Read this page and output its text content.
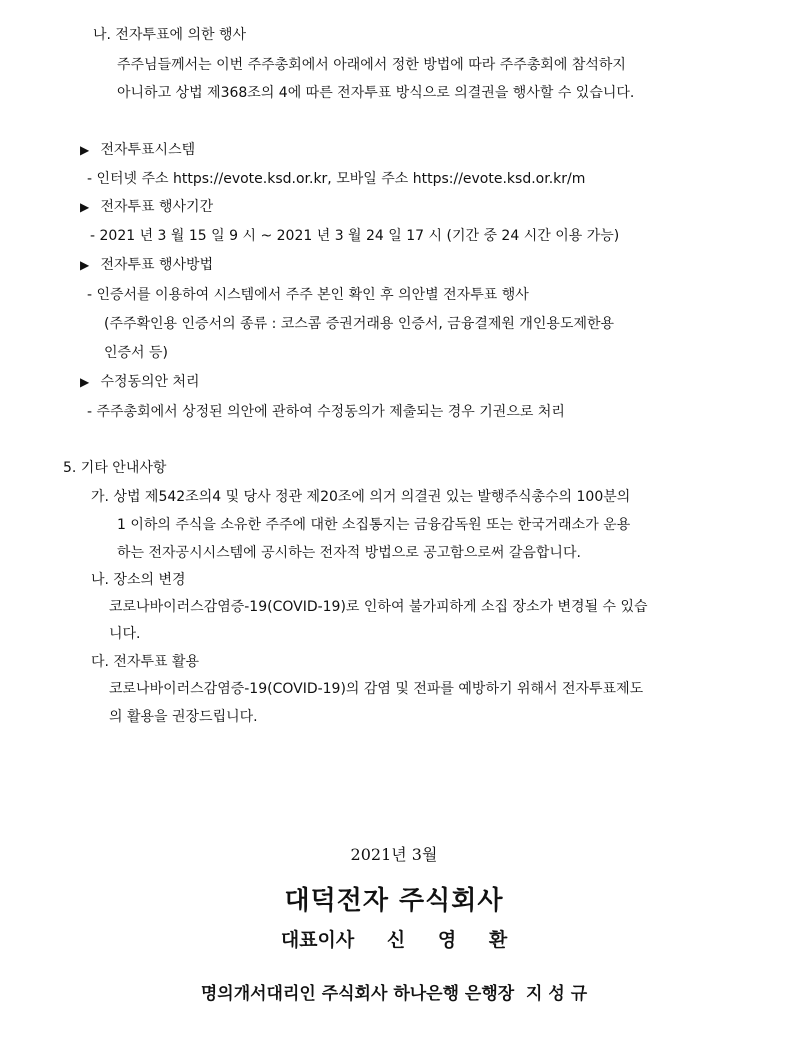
나. 전자투표에 의한 행사
주주님들께서는 이번 주주총회에서 아래에서 정한 방법에 따라 주주총회에 참석하지
아니하고 상법 제368조의 4에 따른 전자투표 방식으로 의결권을 행사할 수 있습니다.
▶ 전자투표시스템
- 인터넷 주소 https://evote.ksd.or.kr, 모바일 주소 https://evote.ksd.or.kr/m
▶ 전자투표 행사기간
- 2021 년 3 월 15 일 9 시 ~ 2021 년 3 월 24 일 17 시 (기간 중 24 시간 이용 가능)
▶ 전자투표 행사방법
- 인증서를 이용하여 시스템에서 주주 본인 확인 후 의안별 전자투표 행사
(주주확인용 인증서의 종류 : 코스콤 증권거래용 인증서, 금융결제원 개인용도제한용
인증서 등)
▶ 수정동의안 처리
- 주주총회에서 상정된 의안에 관하여 수정동의가 제출되는 경우 기권으로 처리
5. 기타 안내사항
가. 상법 제542조의4 및 당사 정관 제20조에 의거 의결권 있는 발행주식총수의 100분의
1 이하의 주식을 소유한 주주에 대한 소집통지는 금융감독원 또는 한국거래소가 운용
하는 전자공시시스템에 공시하는 전자적 방법으로 공고함으로써 갈음합니다.
나. 장소의 변경
코로나바이러스감염증-19(COVID-19)로 인하여 불가피하게 소집 장소가 변경될 수 있습
니다.
다. 전자투표 활용
코로나바이러스감염증-19(COVID-19)의 감염 및 전파를 예방하기 위해서 전자투표제도
의 활용을 권장드립니다.
2021년 3월
대덕전자 주식회사
대표이사 신 영 환
명의개서대리인 주식회사 하나은행 은행장  지 성 규
